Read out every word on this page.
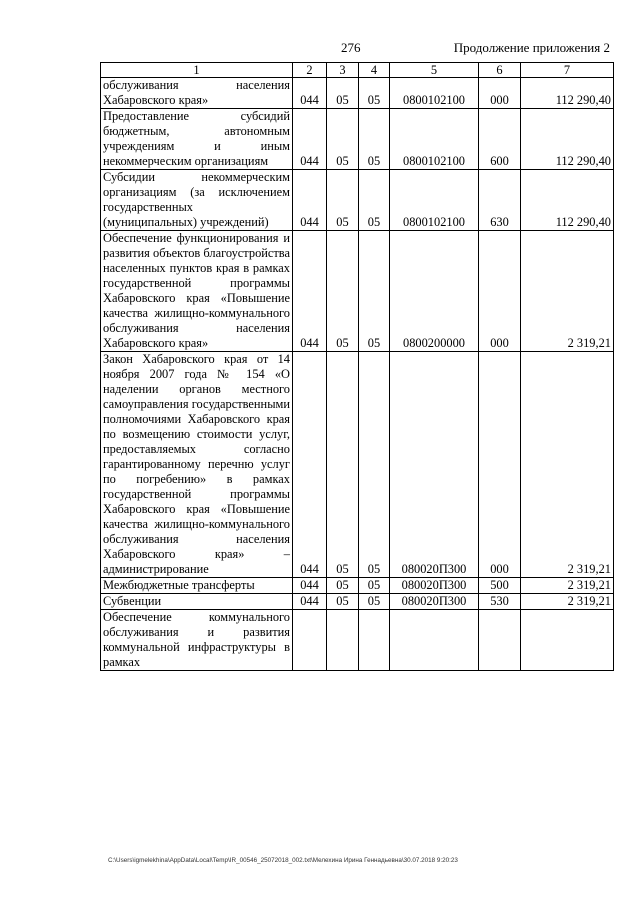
276	Продолжение приложения 2
1	2	3	4	5	6	7
обслуживания населения Хабаровского края»	044	05	05	0800102100	000	112 290,40
Предоставление субсидий бюджетным, автономным учреждениям и иным некоммерческим организациям	044	05	05	0800102100	600	112 290,40
Субсидии некоммерческим организациям (за исключением государственных (муниципальных) учреждений)	044	05	05	0800102100	630	112 290,40
Обеспечение функционирования и развития объектов благоустройства населенных пунктов края в рамках государственной программы Хабаровского края «Повышение качества жилищно-коммунального обслуживания населения Хабаровского края»	044	05	05	0800200000	000	2 319,21
Закон Хабаровского края от 14 ноября 2007 года № 154 «О наделении органов местного самоуправления государственными полномочиями Хабаровского края по возмещению стоимости услуг, предоставляемых согласно гарантированному перечню услуг по погребению» в рамках государственной программы Хабаровского края «Повышение качества жилищно-коммунального обслуживания населения Хабаровского края» – администрирование	044	05	05	080020П300	000	2 319,21
Межбюджетные трансферты	044	05	05	080020П300	500	2 319,21
Субвенции	044	05	05	080020П300	530	2 319,21
Обеспечение коммунального обслуживания и развития коммунальной инфраструктуры в рамках						
C:\Users\igmelekhina\AppData\Local\Temp\IR_00546_25072018_002.txt\Мелехина Ирина Геннадьевна\30.07.2018 9:20:23
